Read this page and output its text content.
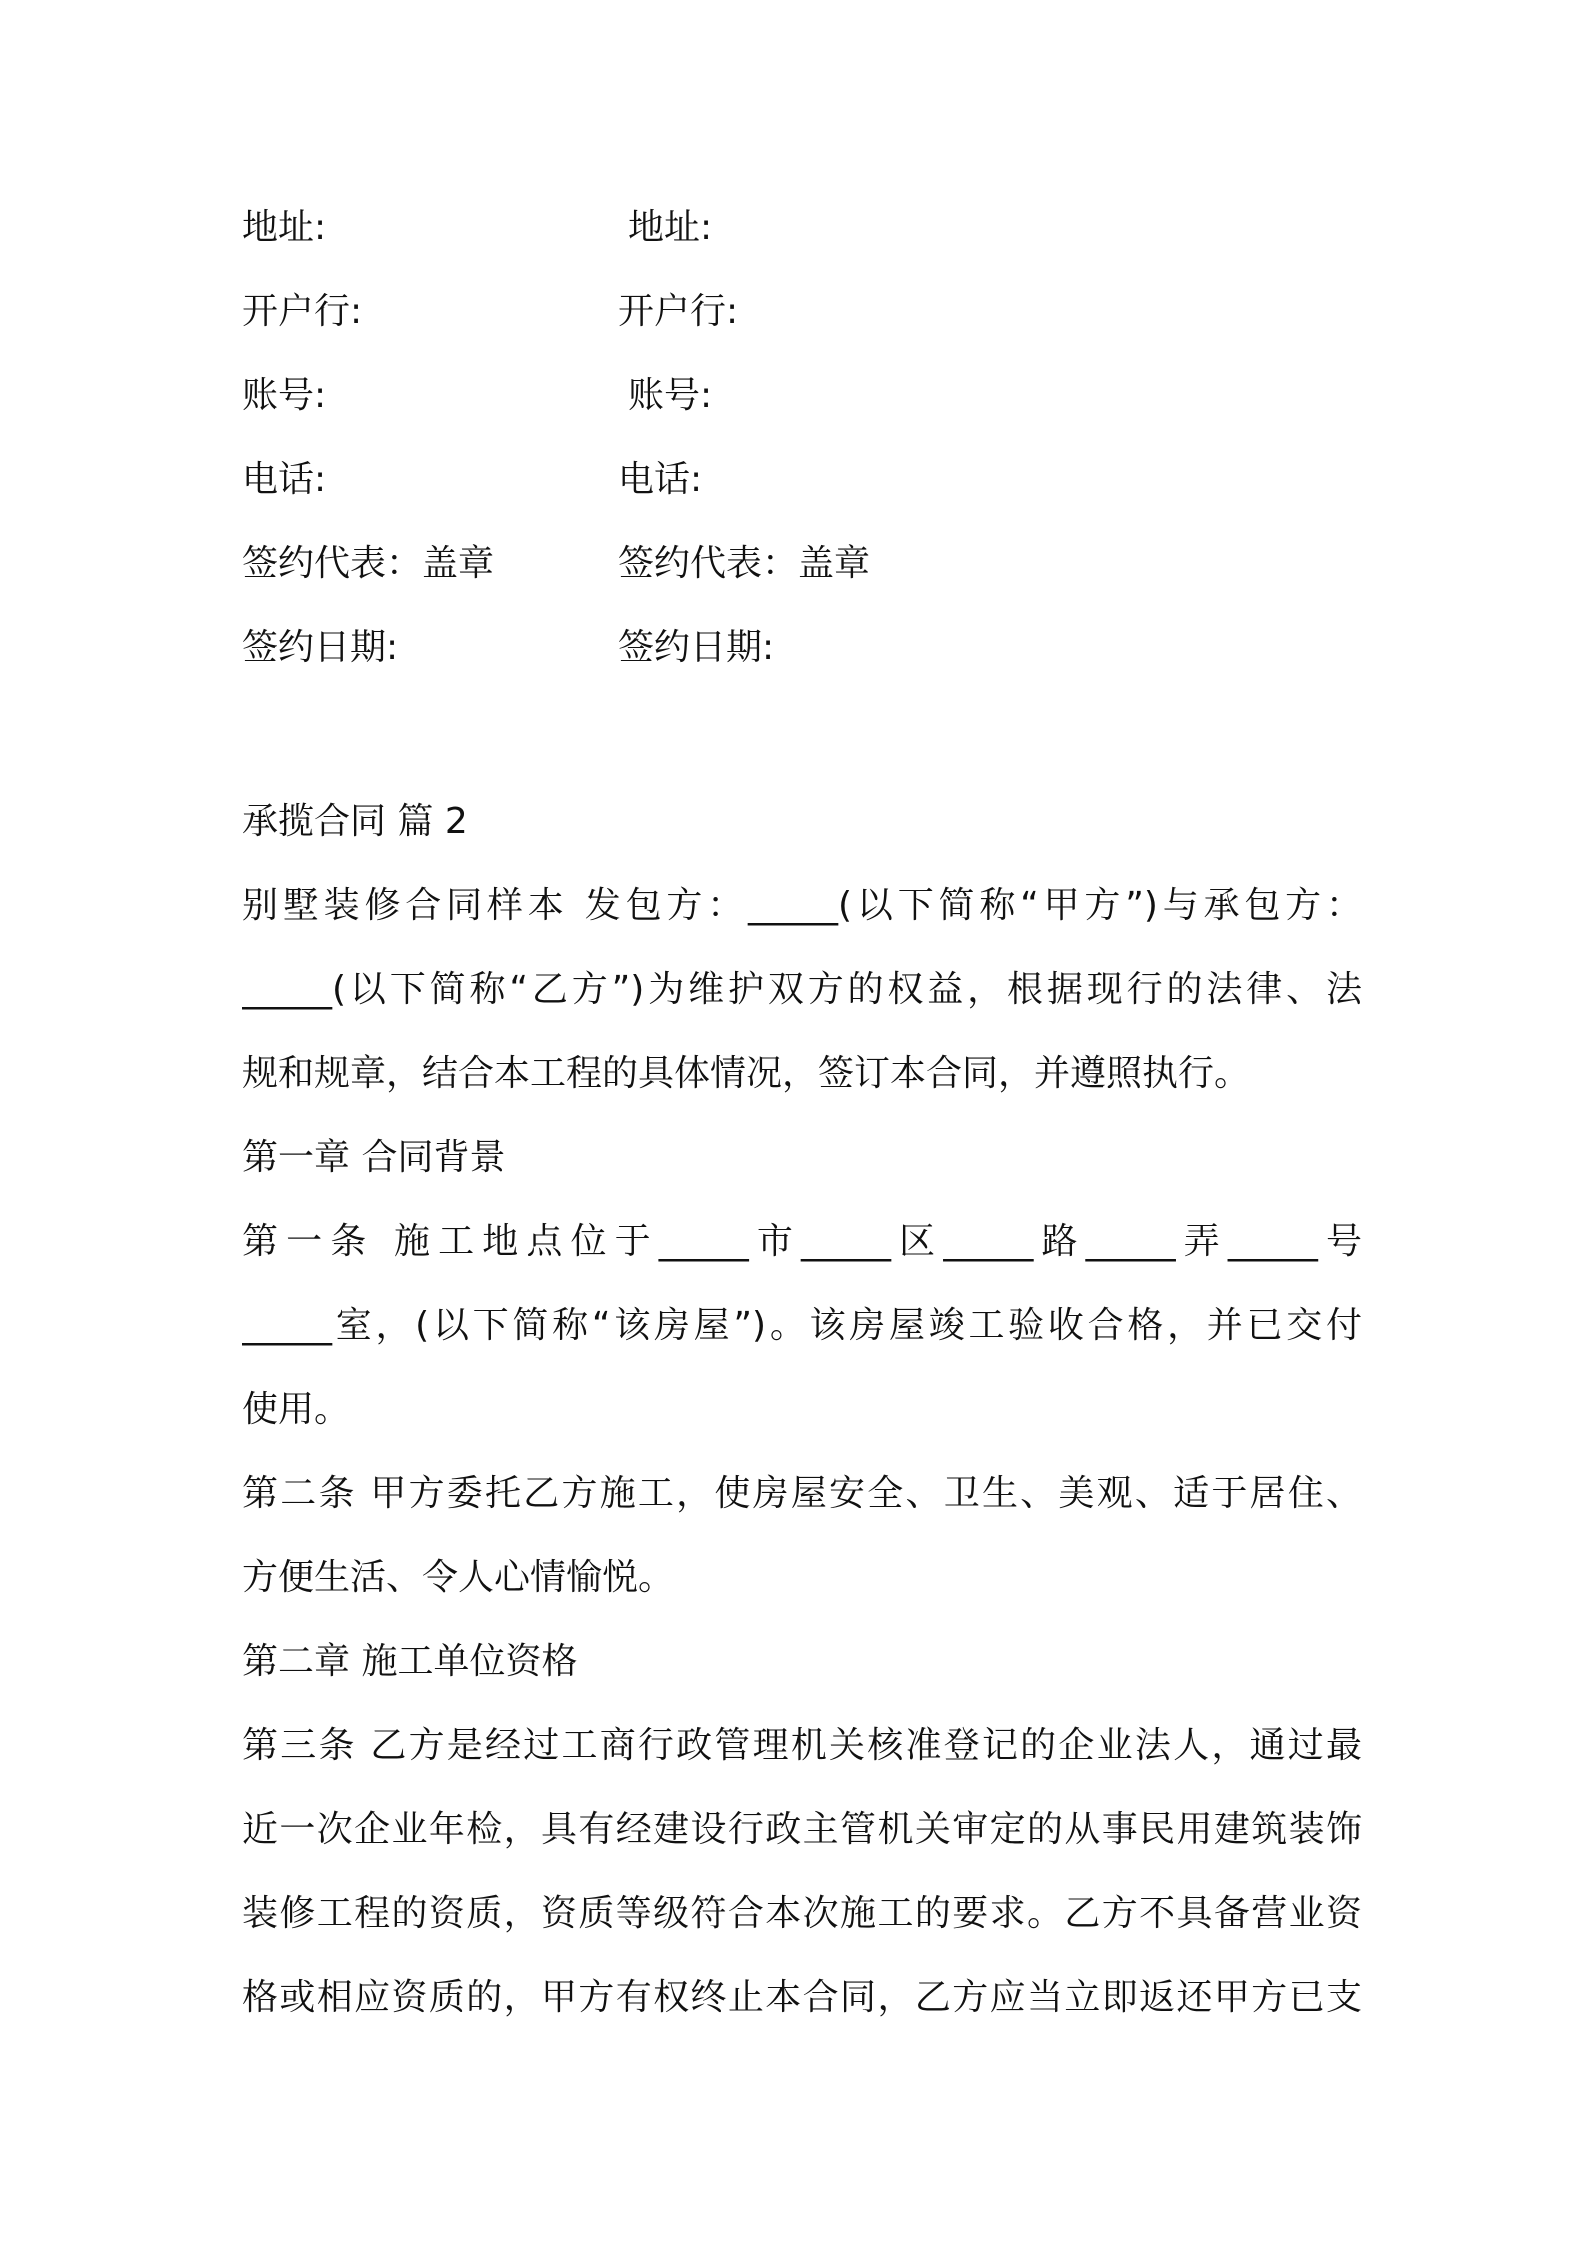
地址:	地址:
开户行:	开户行:
账号:	账号:
电话:	电话:
签约代表：盖章	签约代表：盖章
签约日期:	签约日期:
承揽合同 篇 2
别墅装修合同样本 发包方：_____(以下简称“甲方”)与承包方：
_____(以下简称“乙方”)为维护双方的权益，根据现行的法律、法
规和规章，结合本工程的具体情况，签订本合同，并遵照执行。
第一章 合同背景
第一条 施工地点位于_____市_____区_____路_____弄_____号
_____室，(以下简称“该房屋”)。该房屋竣工验收合格，并已交付
使用。
第二条 甲方委托乙方施工，使房屋安全、卫生、美观、适于居住、
方便生活、令人心情愉悦。
第二章 施工单位资格
第三条 乙方是经过工商行政管理机关核准登记的企业法人，通过最
近一次企业年检，具有经建设行政主管机关审定的从事民用建筑装饰
装修工程的资质，资质等级符合本次施工的要求。乙方不具备营业资
格或相应资质的，甲方有权终止本合同，乙方应当立即返还甲方已支
